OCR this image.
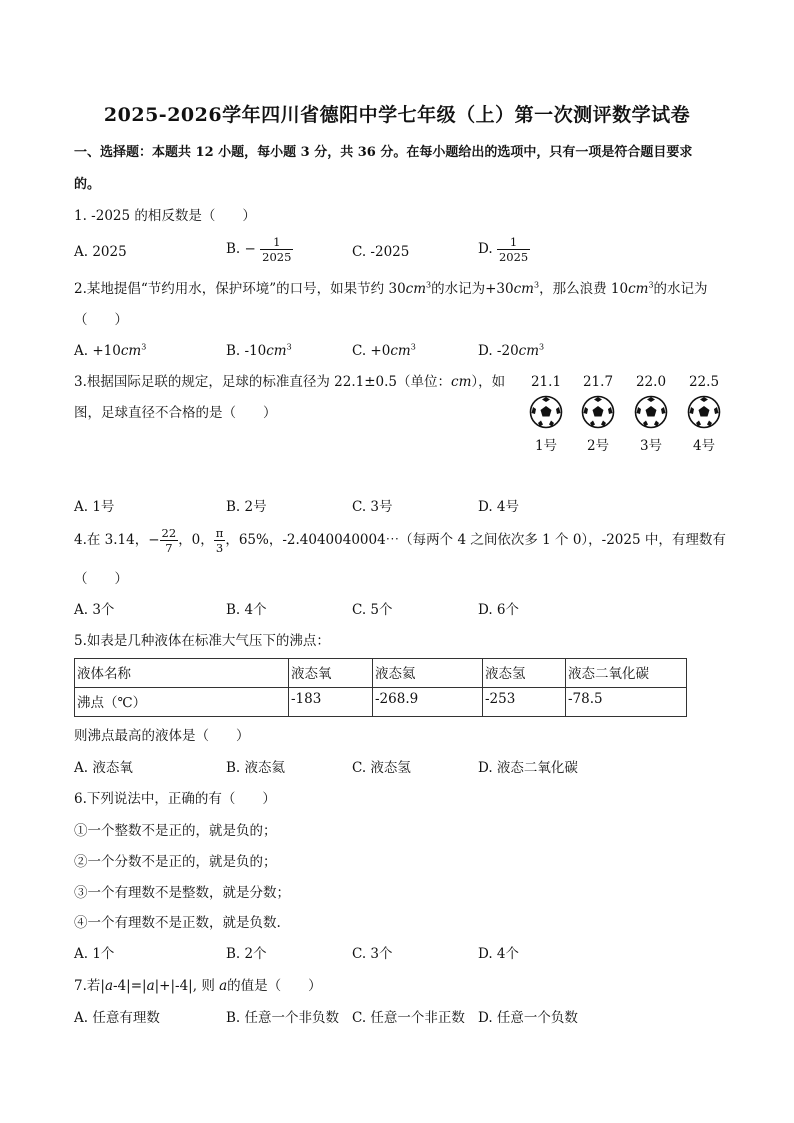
2025-2026学年四川省德阳中学七年级（上）第一次测评数学试卷
一、选择题：本题共 12 小题，每小题 3 分，共 36 分。在每小题给出的选项中，只有一项是符合题目要求
的。
1. -2025 的相反数是（　　）
A. 2025	B. − $\frac{1}{2025}$	C. -2025	D. $\frac{1}{2025}$
2.某地提倡“节约用水，保护环境”的口号，如果节约 $30cm^3$的水记为$+30cm^3$，那么浪费 $10cm^3$的水记为
（　　）
A. $+10cm^3$	B. $-10cm^3$	C. $+0cm^3$	D. $-20cm^3$
3.根据国际足联的规定，足球的标准直径为 22.1±0.5（单位：cm），如
图，足球直径不合格的是（　　）
21.1	21.7	22.0	22.5
1号	2号	3号	4号
A. 1号	B. 2号	C. 3号	D. 4号
4.在 3.14，− $\frac{22}{7}$ ，0， $\frac{\pi}{3}$ ，65%，-2.4040040004⋯（每两个 4 之间依次多 1 个 0），-2025 中，有理数有
（　　）
A. 3个	B. 4个	C. 5个	D. 6个
5.如表是几种液体在标准大气压下的沸点：
液体名称	液态氧	液态氦	液态氢	液态二氧化碳
沸点（℃）	-183	-268.9	-253	-78.5
则沸点最高的液体是（　　）
A. 液态氧	B. 液态氦	C. 液态氢	D. 液态二氧化碳
6.下列说法中，正确的有（　　）
①一个整数不是正的，就是负的；
②一个分数不是正的，就是负的；
③一个有理数不是整数，就是分数；
④一个有理数不是正数，就是负数.
A. 1个	B. 2个	C. 3个	D. 4个
7.若|a-4|=|a|+|-4|, 则 a的值是（　　）
A. 任意有理数	B. 任意一个非负数 C. 任意一个非正数 D. 任意一个负数
